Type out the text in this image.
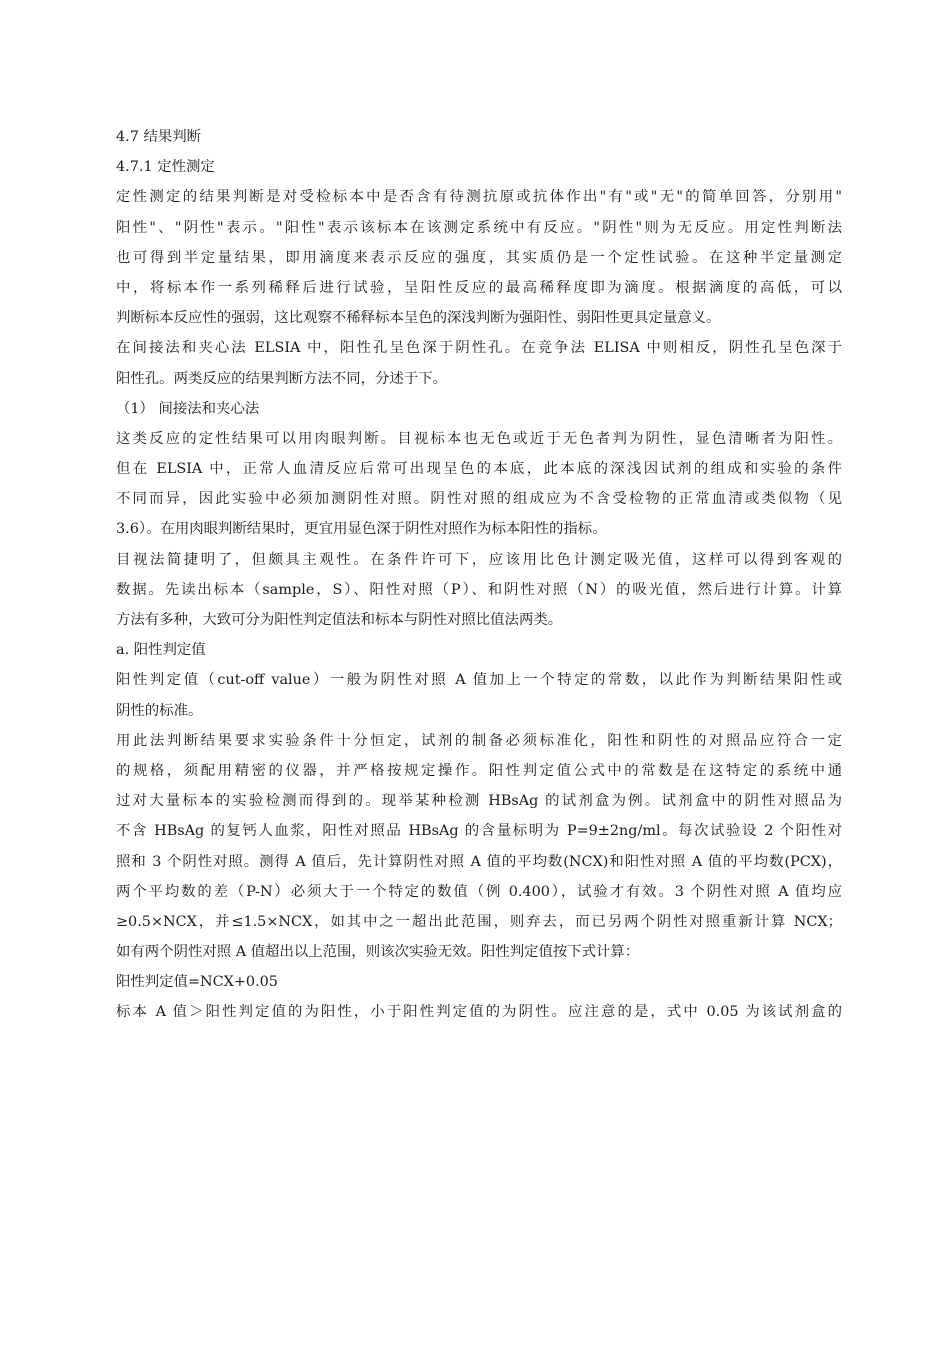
4.7 结果判断
4.7.1 定性测定
定性测定的结果判断是对受检标本中是否含有待测抗原或抗体作出"有"或"无"的简单回答，分别用"
阳性"、"阴性"表示。"阳性"表示该标本在该测定系统中有反应。"阴性"则为无反应。用定性判断法
也可得到半定量结果，即用滴度来表示反应的强度，其实质仍是一个定性试验。在这种半定量测定
中，将标本作一系列稀释后进行试验，呈阳性反应的最高稀释度即为滴度。根据滴度的高低，可以
判断标本反应性的强弱，这比观察不稀释标本呈色的深浅判断为强阳性、弱阳性更具定量意义。
在间接法和夹心法 ELSIA 中，阳性孔呈色深于阴性孔。在竞争法 ELISA 中则相反，阴性孔呈色深于
阳性孔。两类反应的结果判断方法不同，分述于下。
（1） 间接法和夹心法
这类反应的定性结果可以用肉眼判断。目视标本也无色或近于无色者判为阴性，显色清晰者为阳性。
但在 ELSIA 中，正常人血清反应后常可出现呈色的本底，此本底的深浅因试剂的组成和实验的条件
不同而异，因此实验中必须加测阴性对照。阴性对照的组成应为不含受检物的正常血清或类似物（见
3.6）。在用肉眼判断结果时，更宜用显色深于阴性对照作为标本阳性的指标。
目视法简捷明了，但颇具主观性。在条件许可下，应该用比色计测定吸光值，这样可以得到客观的
数据。先读出标本（sample，S）、阳性对照（P）、和阴性对照（N）的吸光值，然后进行计算。计算
方法有多种，大致可分为阳性判定值法和标本与阴性对照比值法两类。
a. 阳性判定值
阳性判定值（cut-off value）一般为阴性对照 A 值加上一个特定的常数，以此作为判断结果阳性或
阴性的标准。
用此法判断结果要求实验条件十分恒定，试剂的制备必须标准化，阳性和阴性的对照品应符合一定
的规格，须配用精密的仪器，并严格按规定操作。阳性判定值公式中的常数是在这特定的系统中通
过对大量标本的实验检测而得到的。现举某种检测 HBsAg 的试剂盒为例。试剂盒中的阴性对照品为
不含 HBsAg 的复钙人血浆，阳性对照品 HBsAg 的含量标明为 P=9±2ng/ml。每次试验设 2 个阳性对
照和 3 个阴性对照。测得 A 值后，先计算阴性对照 A 值的平均数(NCX)和阳性对照 A 值的平均数(PCX)，
两个平均数的差（P-N）必须大于一个特定的数值（例 0.400），试验才有效。3 个阴性对照 A 值均应
≥0.5×NCX，并≤1.5×NCX，如其中之一超出此范围，则弃去，而已另两个阴性对照重新计算 NCX；
如有两个阴性对照 A 值超出以上范围，则该次实验无效。阳性判定值按下式计算：
阳性判定值=NCX+0.05
标本 A 值＞阳性判定值的为阳性，小于阳性判定值的为阴性。应注意的是，式中 0.05 为该试剂盒的
